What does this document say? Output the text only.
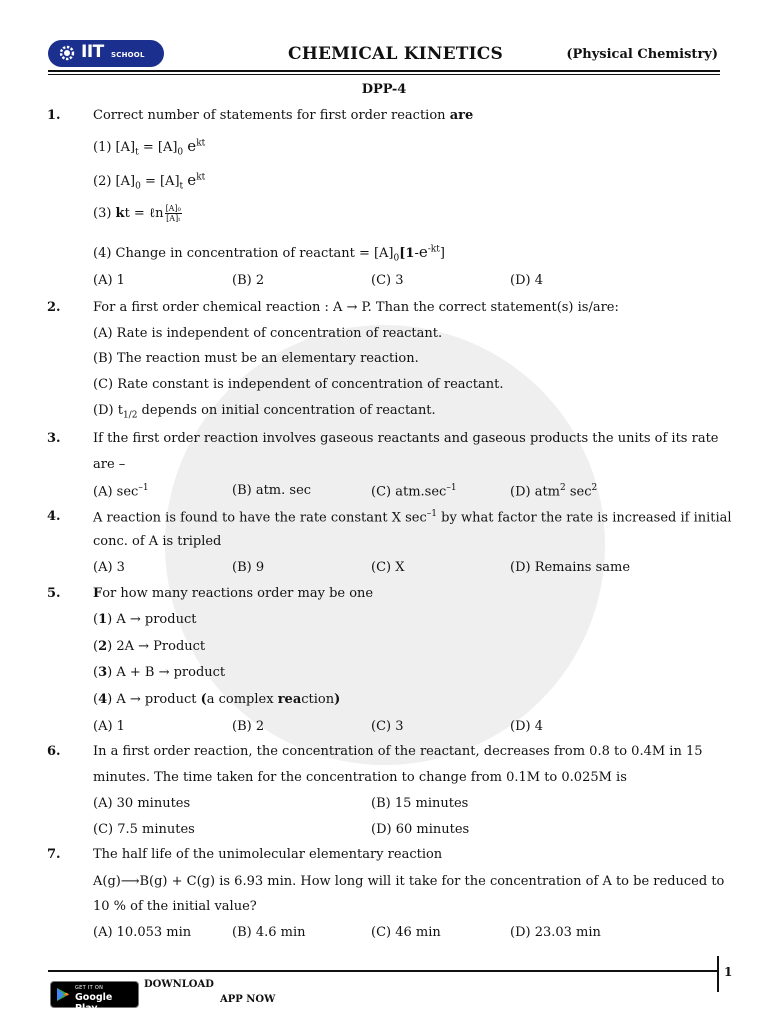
IIT SCHOOL	CHEMICAL KINETICS	(Physical Chemistry)
DPP-4
1. Correct number of statements for first order reaction are
(1) $[A]_t = [A]_0$ $e^{kt}$
(2) $[A]_0 = [A]_t$ $e^{kt}$
(3) kt = ℓn $\frac{\text{[A]₀}}{\text{[A]ₜ}}$
(4) Change in concentration of reactant = $[A]_0[1-e^{-kt}]$
(A) 1	(B) 2	(C) 3	(D) 4
2. For a first order chemical reaction : A → P. Than the correct statement(s) is/are:
(A) Rate is independent of concentration of reactant.
(B) The reaction must be an elementary reaction.
(C) Rate constant is independent of concentration of reactant.
(D) $t_{1/2}$ depends on initial concentration of reactant.
3. If the first order reaction involves gaseous reactants and gaseous products the units of its rate
are –
(A) $\sec^{-1}$	(B) atm. sec	(C) $atm.\sec^{-1}$	(D) atm$^2$ $\sec^2$
4. A reaction is found to have the rate constant X $\sec^{-1}$ by what factor the rate is increased if initial
conc. of A is tripled
(A) 3	(B) 9	(C) X	(D) Remains same
5. For how many reactions order may be one
(1) A → product
(2) 2A → Product
(3) A + B → product
(4) A → product (a complex reaction)
(A) 1	(B) 2	(C) 3	(D) 4
6. In a first order reaction, the concentration of the reactant, decreases from 0.8 to 0.4M in 15
minutes. The time taken for the concentration to change from 0.1M to 0.025M is
(A) 30 minutes	(B) 15 minutes
(C) 7.5 minutes	(D) 60 minutes
7. The half life of the unimolecular elementary reaction
A(g)⟶B(g) + C(g) is 6.93 min. How long will it take for the concentration of A to be reduced to
10 % of the initial value?
(A) 10.053 min	(B) 4.6 min	(C) 46 min	(D) 23.03 min
1
GET IT ON
Google Play
DOWNLOAD
APP NOW
